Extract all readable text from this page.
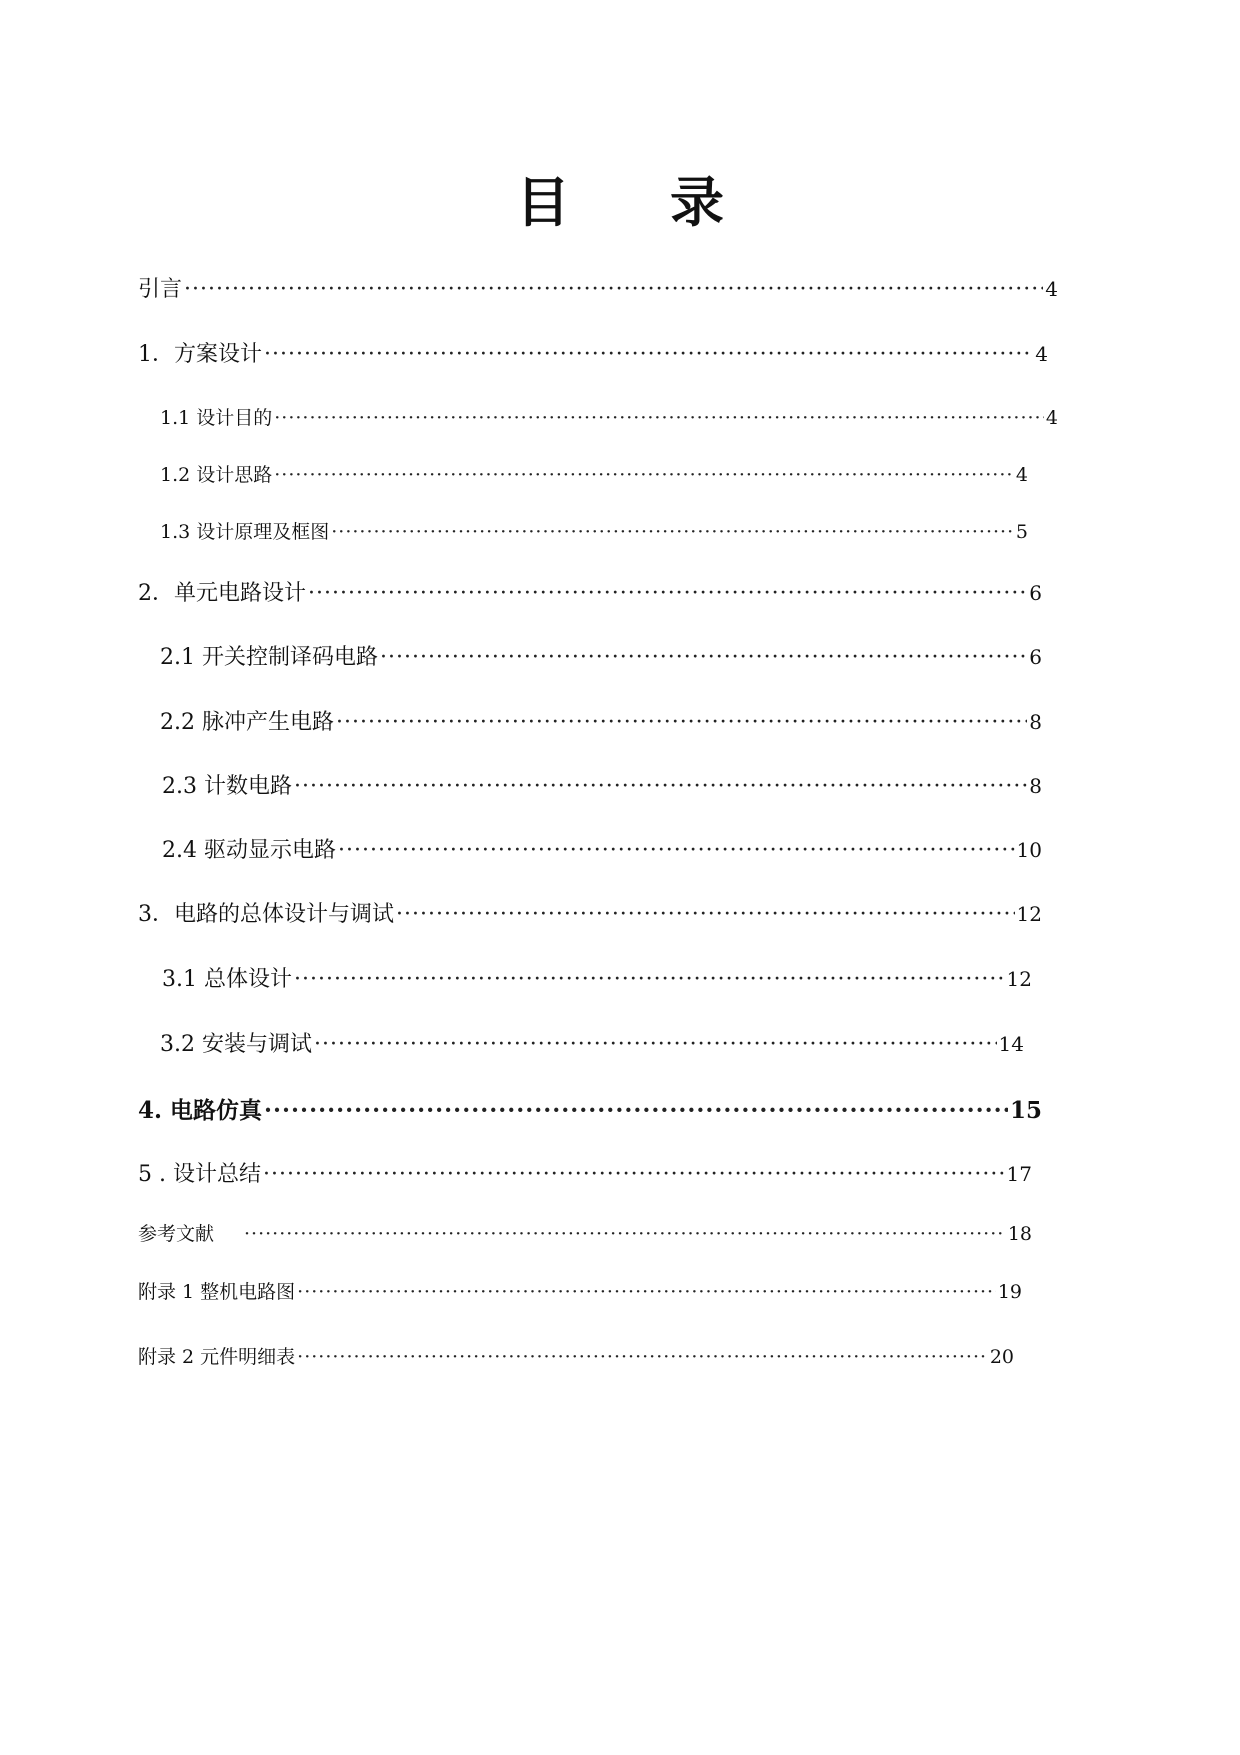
目 录
引言 ·····	4
1．方案设计 ·····	4
1.1 设计目的 ·····	4
1.2 设计思路 ·····	4
1.3 设计原理及框图 ·····	5
2．单元电路设计 ·····	6
2.1 开关控制译码电路 ·····	6
2.2 脉冲产生电路 ·····	8
2.3 计数电路 ·····	8
2.4 驱动显示电路 ·····	10
3．电路的总体设计与调试 ·····	12
3.1 总体设计 ·····	12
3.2 安装与调试 ·····	14
4. 电路仿真 ·····	15
5 . 设计总结 ·····	17
参考文献 ·····	18
附录 1 整机电路图 ·····	19
附录 2 元件明细表 ·····	20
